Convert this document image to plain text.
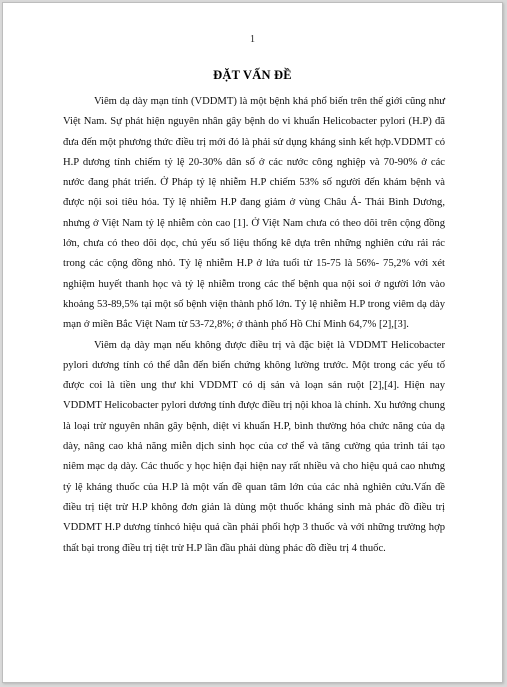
1
ĐẶT VẤN ĐỀ

Viêm dạ dày mạn tính (VDDMT) là một bệnh khá phổ biến trên thế giới cũng như Việt Nam. Sự phát hiện nguyên nhân gây bệnh do vi khuẩn Helicobacter pylori (H.P) đã đưa đến một phương thức điều trị mới đó là phải sử dụng kháng sinh kết hợp.VDDMT có H.P dương tính chiếm tỷ lệ 20-30% dân số ở các nước công nghiệp và 70-90% ở các nước đang phát triển. Ở Pháp tỷ lệ nhiễm H.P chiếm 53% số người đến khám bệnh và được nội soi tiêu hóa. Tỷ lệ nhiễm H.P đang giảm ở vùng Châu Á- Thái Bình Dương, nhưng ở Việt Nam tỷ lệ nhiễm còn cao [1]. Ở Việt Nam chưa có theo dõi trên cộng đồng lớn, chưa có theo dõi dọc, chủ yếu số liệu thống kê dựa trên những nghiên cứu rải rác trong các cộng đồng nhỏ. Tỷ lệ nhiễm H.P ở lứa tuổi từ 15-75 là 56%- 75,2% với xét nghiệm huyết thanh học và tỷ lệ nhiễm trong các thể bệnh qua nội soi ở người lớn vào khoảng 53-89,5% tại một số bệnh viện thành phố lớn. Tỷ lệ nhiễm H.P trong viêm dạ dày mạn ở miền Bắc Việt Nam từ 53-72,8%; ở thành phố Hồ Chí Minh 64,7% [2],[3].

Viêm dạ dày mạn nếu không được điều trị và đặc biệt là VDDMT Helicobacter pylori dương tính có thể dẫn đến biến chứng không lường trước. Một trong các yếu tố được coi là tiền ung thư khi VDDMT có dị sản và loạn sản ruột [2],[4]. Hiện nay VDDMT Helicobacter pylori dương tính được điều trị nội khoa là chính. Xu hướng chung là loại trừ nguyên nhân gây bệnh, diệt vi khuẩn H.P, bình thường hóa chức năng của dạ dày, nâng cao khả năng miễn dịch sinh học của cơ thể và tăng cường qúa trình tái tạo niêm mạc dạ dày. Các thuốc y học hiện đại hiện nay rất nhiều và cho hiệu quả cao nhưng tỷ lệ kháng thuốc của H.P là một vấn đề quan tâm lớn của các nhà nghiên cứu.Vấn đề điều trị tiệt trừ H.P không đơn giản là dùng một thuốc kháng sinh mà phác đồ điều trị VDDMT H.P dương tínhcó hiệu quả cần phải phối hợp 3 thuốc và với những trường hợp thất bại trong điều trị tiệt trừ H.P lần đầu phải dùng phác đồ điều trị 4 thuốc.
